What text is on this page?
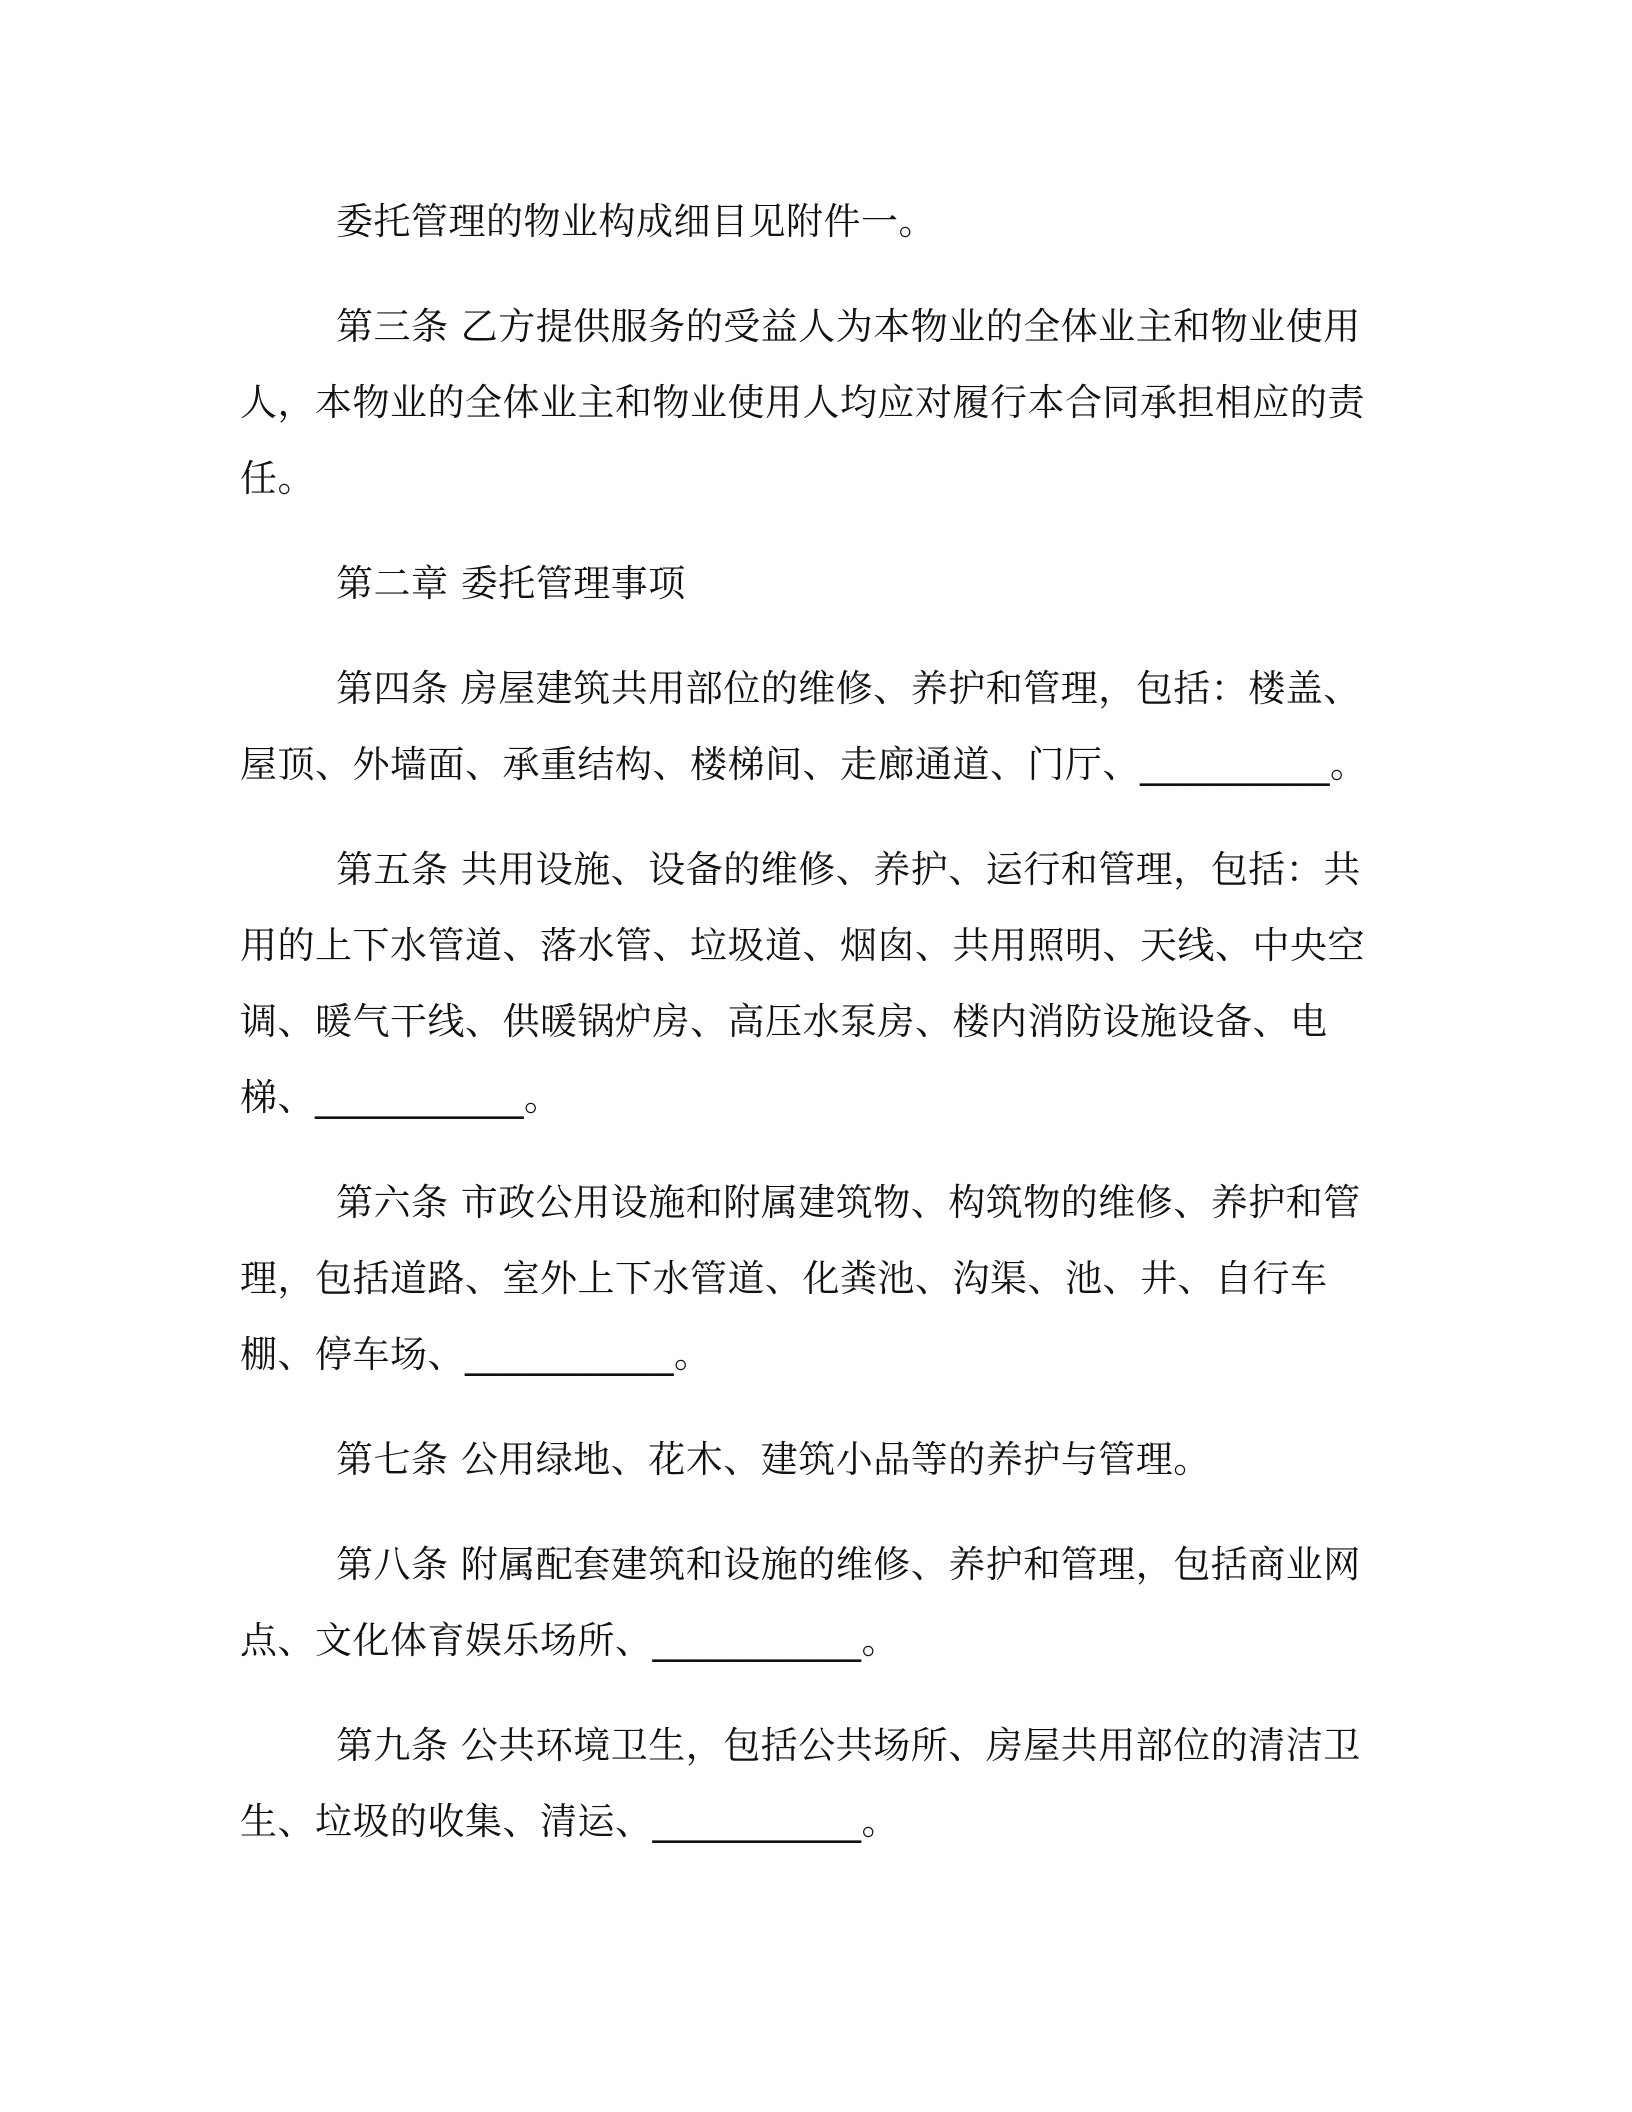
委托管理的物业构成细目见附件一。

第三条 乙方提供服务的受益人为本物业的全体业主和物业使用人，本物业的全体业主和物业使用人均应对履行本合同承担相应的责任。

第二章 委托管理事项

第四条 房屋建筑共用部位的维修、养护和管理，包括：楼盖、屋顶、外墙面、承重结构、楼梯间、走廊通道、门厅、__________。

第五条 共用设施、设备的维修、养护、运行和管理，包括：共用的上下水管道、落水管、垃圾道、烟囱、共用照明、天线、中央空调、暖气干线、供暖锅炉房、高压水泵房、楼内消防设施设备、电梯、___________。

第六条 市政公用设施和附属建筑物、构筑物的维修、养护和管理，包括道路、室外上下水管道、化粪池、沟渠、池、井、自行车棚、停车场、___________。

第七条 公用绿地、花木、建筑小品等的养护与管理。

第八条 附属配套建筑和设施的维修、养护和管理，包括商业网点、文化体育娱乐场所、___________。

第九条 公共环境卫生，包括公共场所、房屋共用部位的清洁卫生、垃圾的收集、清运、___________。
